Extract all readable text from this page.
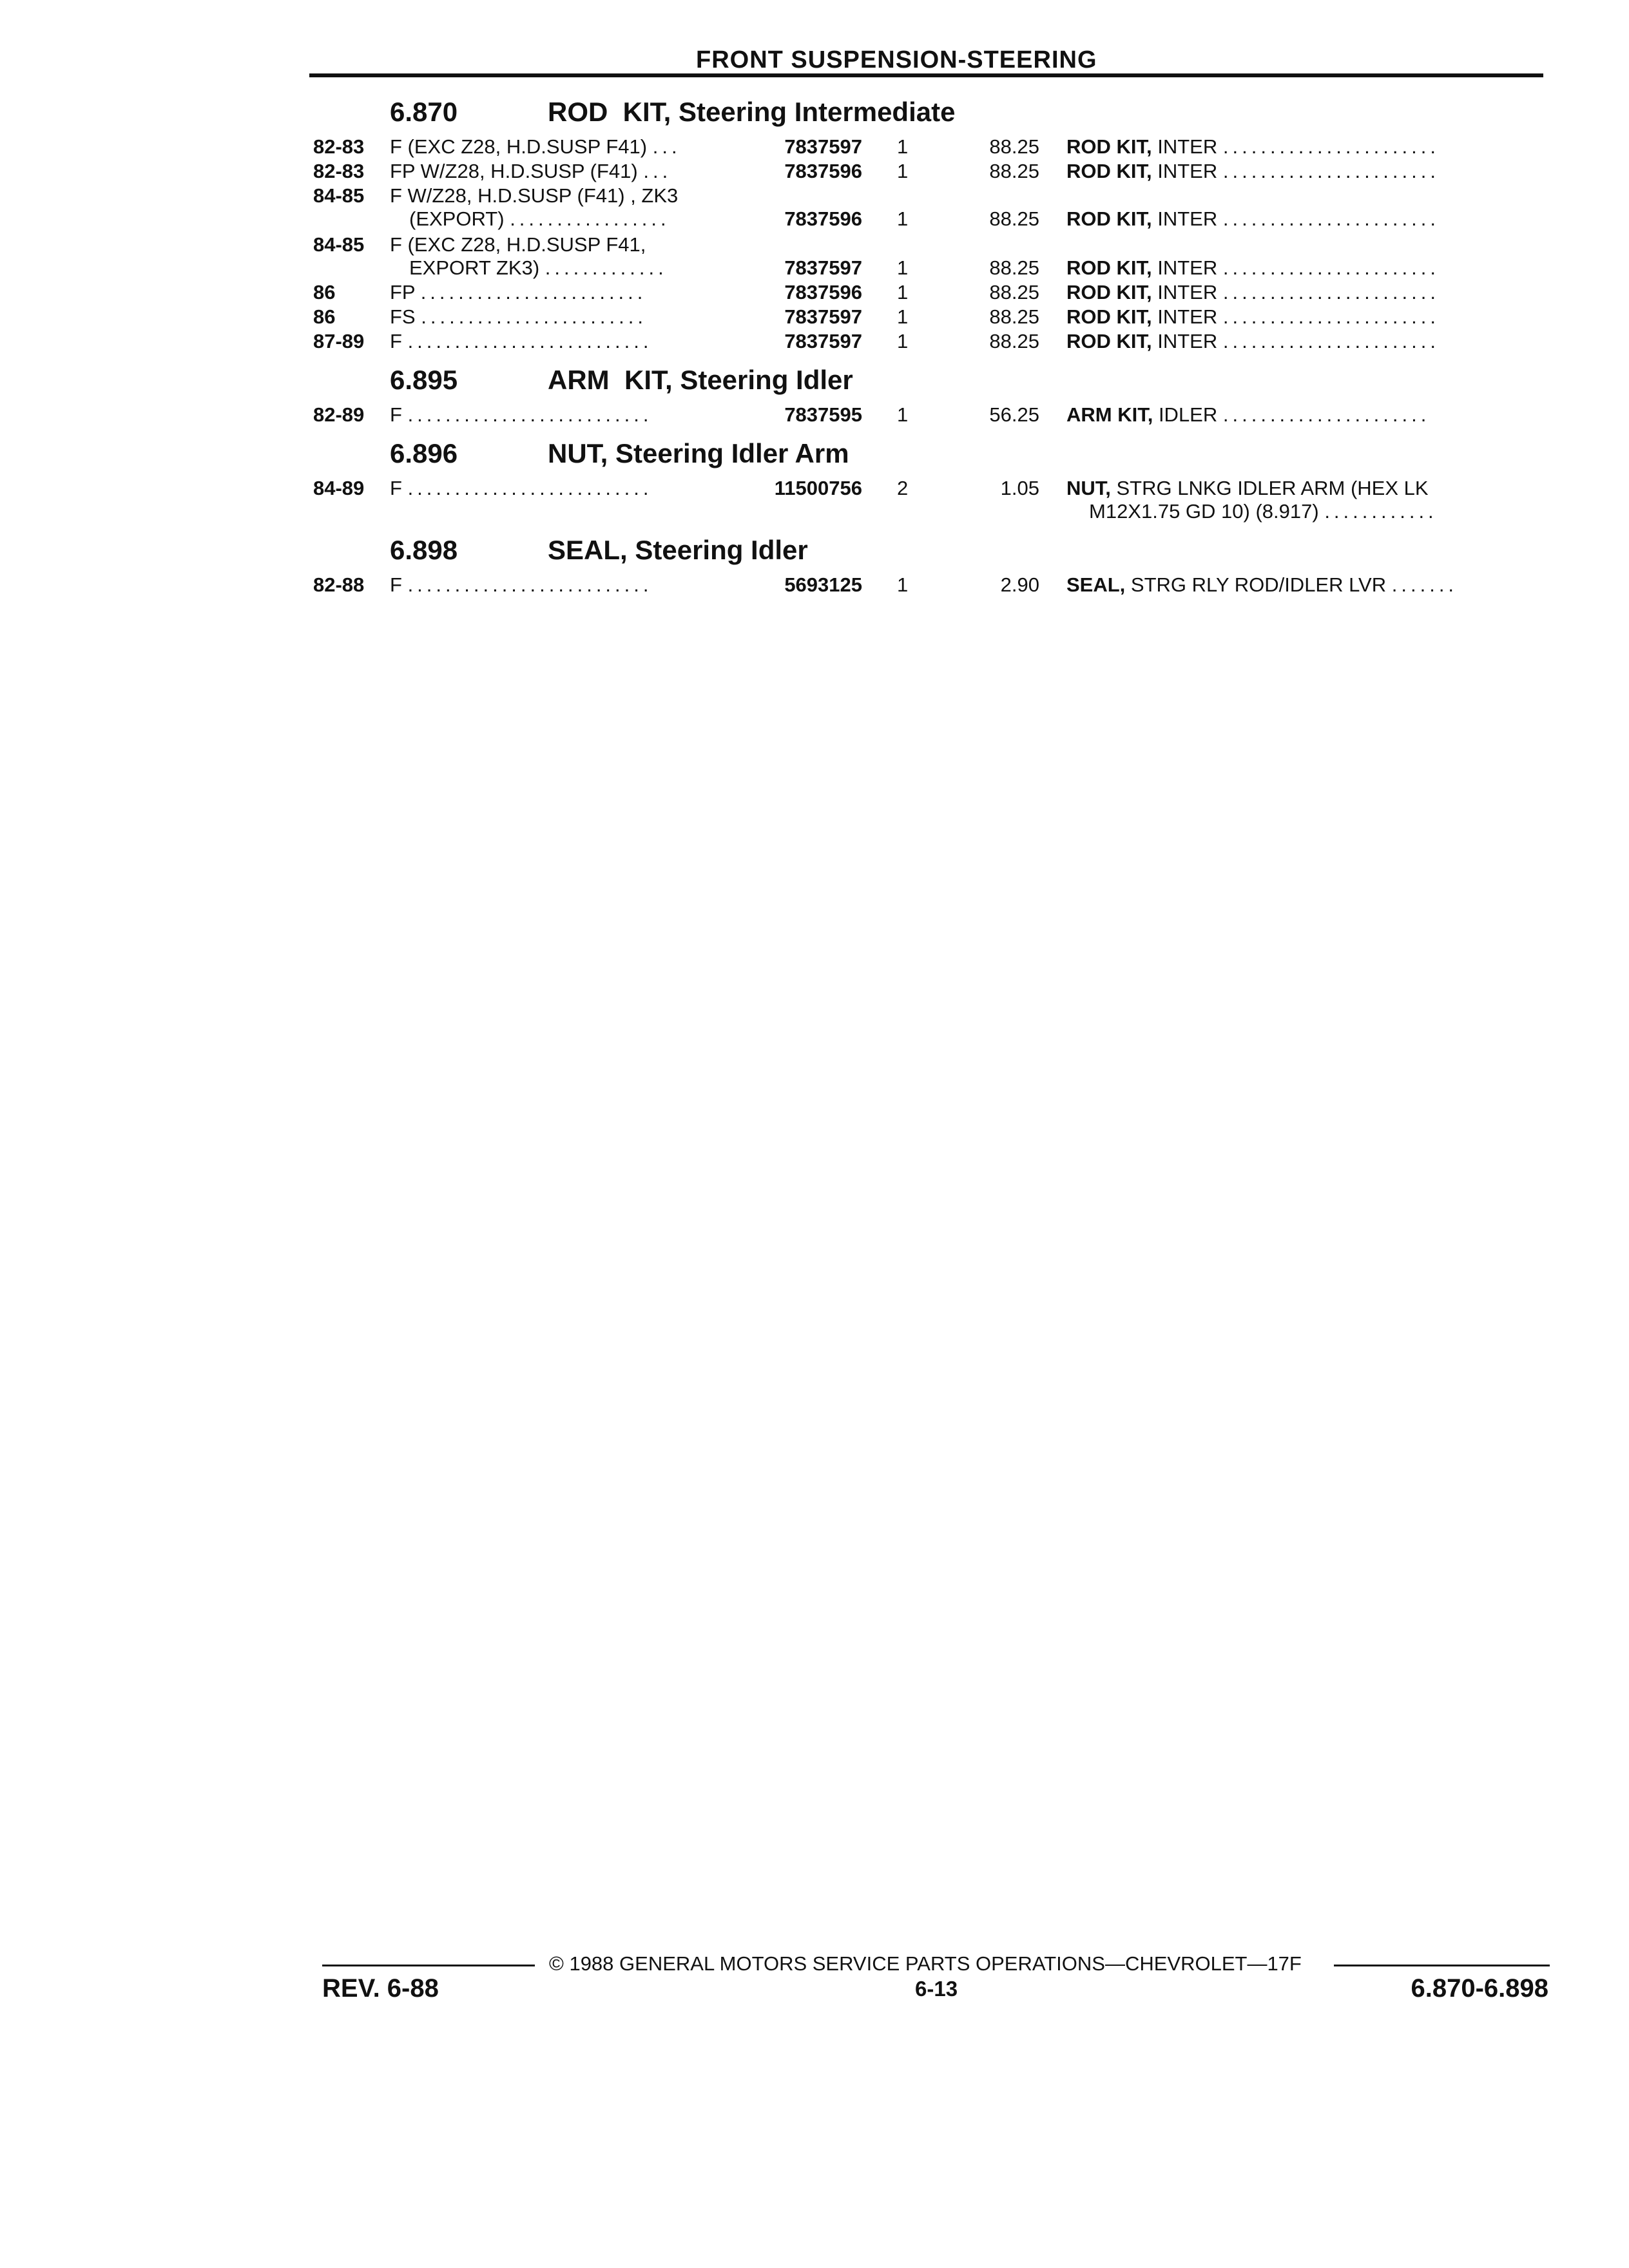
FRONT SUSPENSION-STEERING
6.870	ROD  KIT, Steering Intermediate
82-83 F (EXC Z28, H.D.SUSP F41) ...	7837597 1	88.25 ROD KIT, INTER .......................
82-83 FP W/Z28, H.D.SUSP (F41) ...	7837596 1	88.25 ROD KIT, INTER .......................
84-85 F W/Z28, H.D.SUSP (F41) , ZK3
(EXPORT) .................	7837596 1	88.25 ROD KIT, INTER .......................
84-85 F (EXC Z28, H.D.SUSP F41,
EXPORT ZK3) .............	7837597 1	88.25 ROD KIT, INTER .......................
86	FP ........................	7837596 1	88.25 ROD KIT, INTER .......................
86	FS ........................	7837597 1	88.25 ROD KIT, INTER .......................
87-89 F ..........................	7837597 1	88.25 ROD KIT, INTER .......................
6.895	ARM  KIT, Steering Idler
82-89 F ..........................	7837595 1	56.25 ARM KIT, IDLER ......................
6.896	NUT, Steering Idler Arm
84-89 F ..........................	11500756 2	1.05 NUT, STRG LNKG IDLER ARM (HEX LK
M12X1.75 GD 10) (8.917) ............
6.898	SEAL, Steering Idler
82-88 F ..........................	5693125 1	2.90 SEAL, STRG RLY ROD/IDLER LVR .......
© 1988 GENERAL MOTORS SERVICE PARTS OPERATIONS—CHEVROLET—17F
REV. 6-88	6-13	6.870-6.898
